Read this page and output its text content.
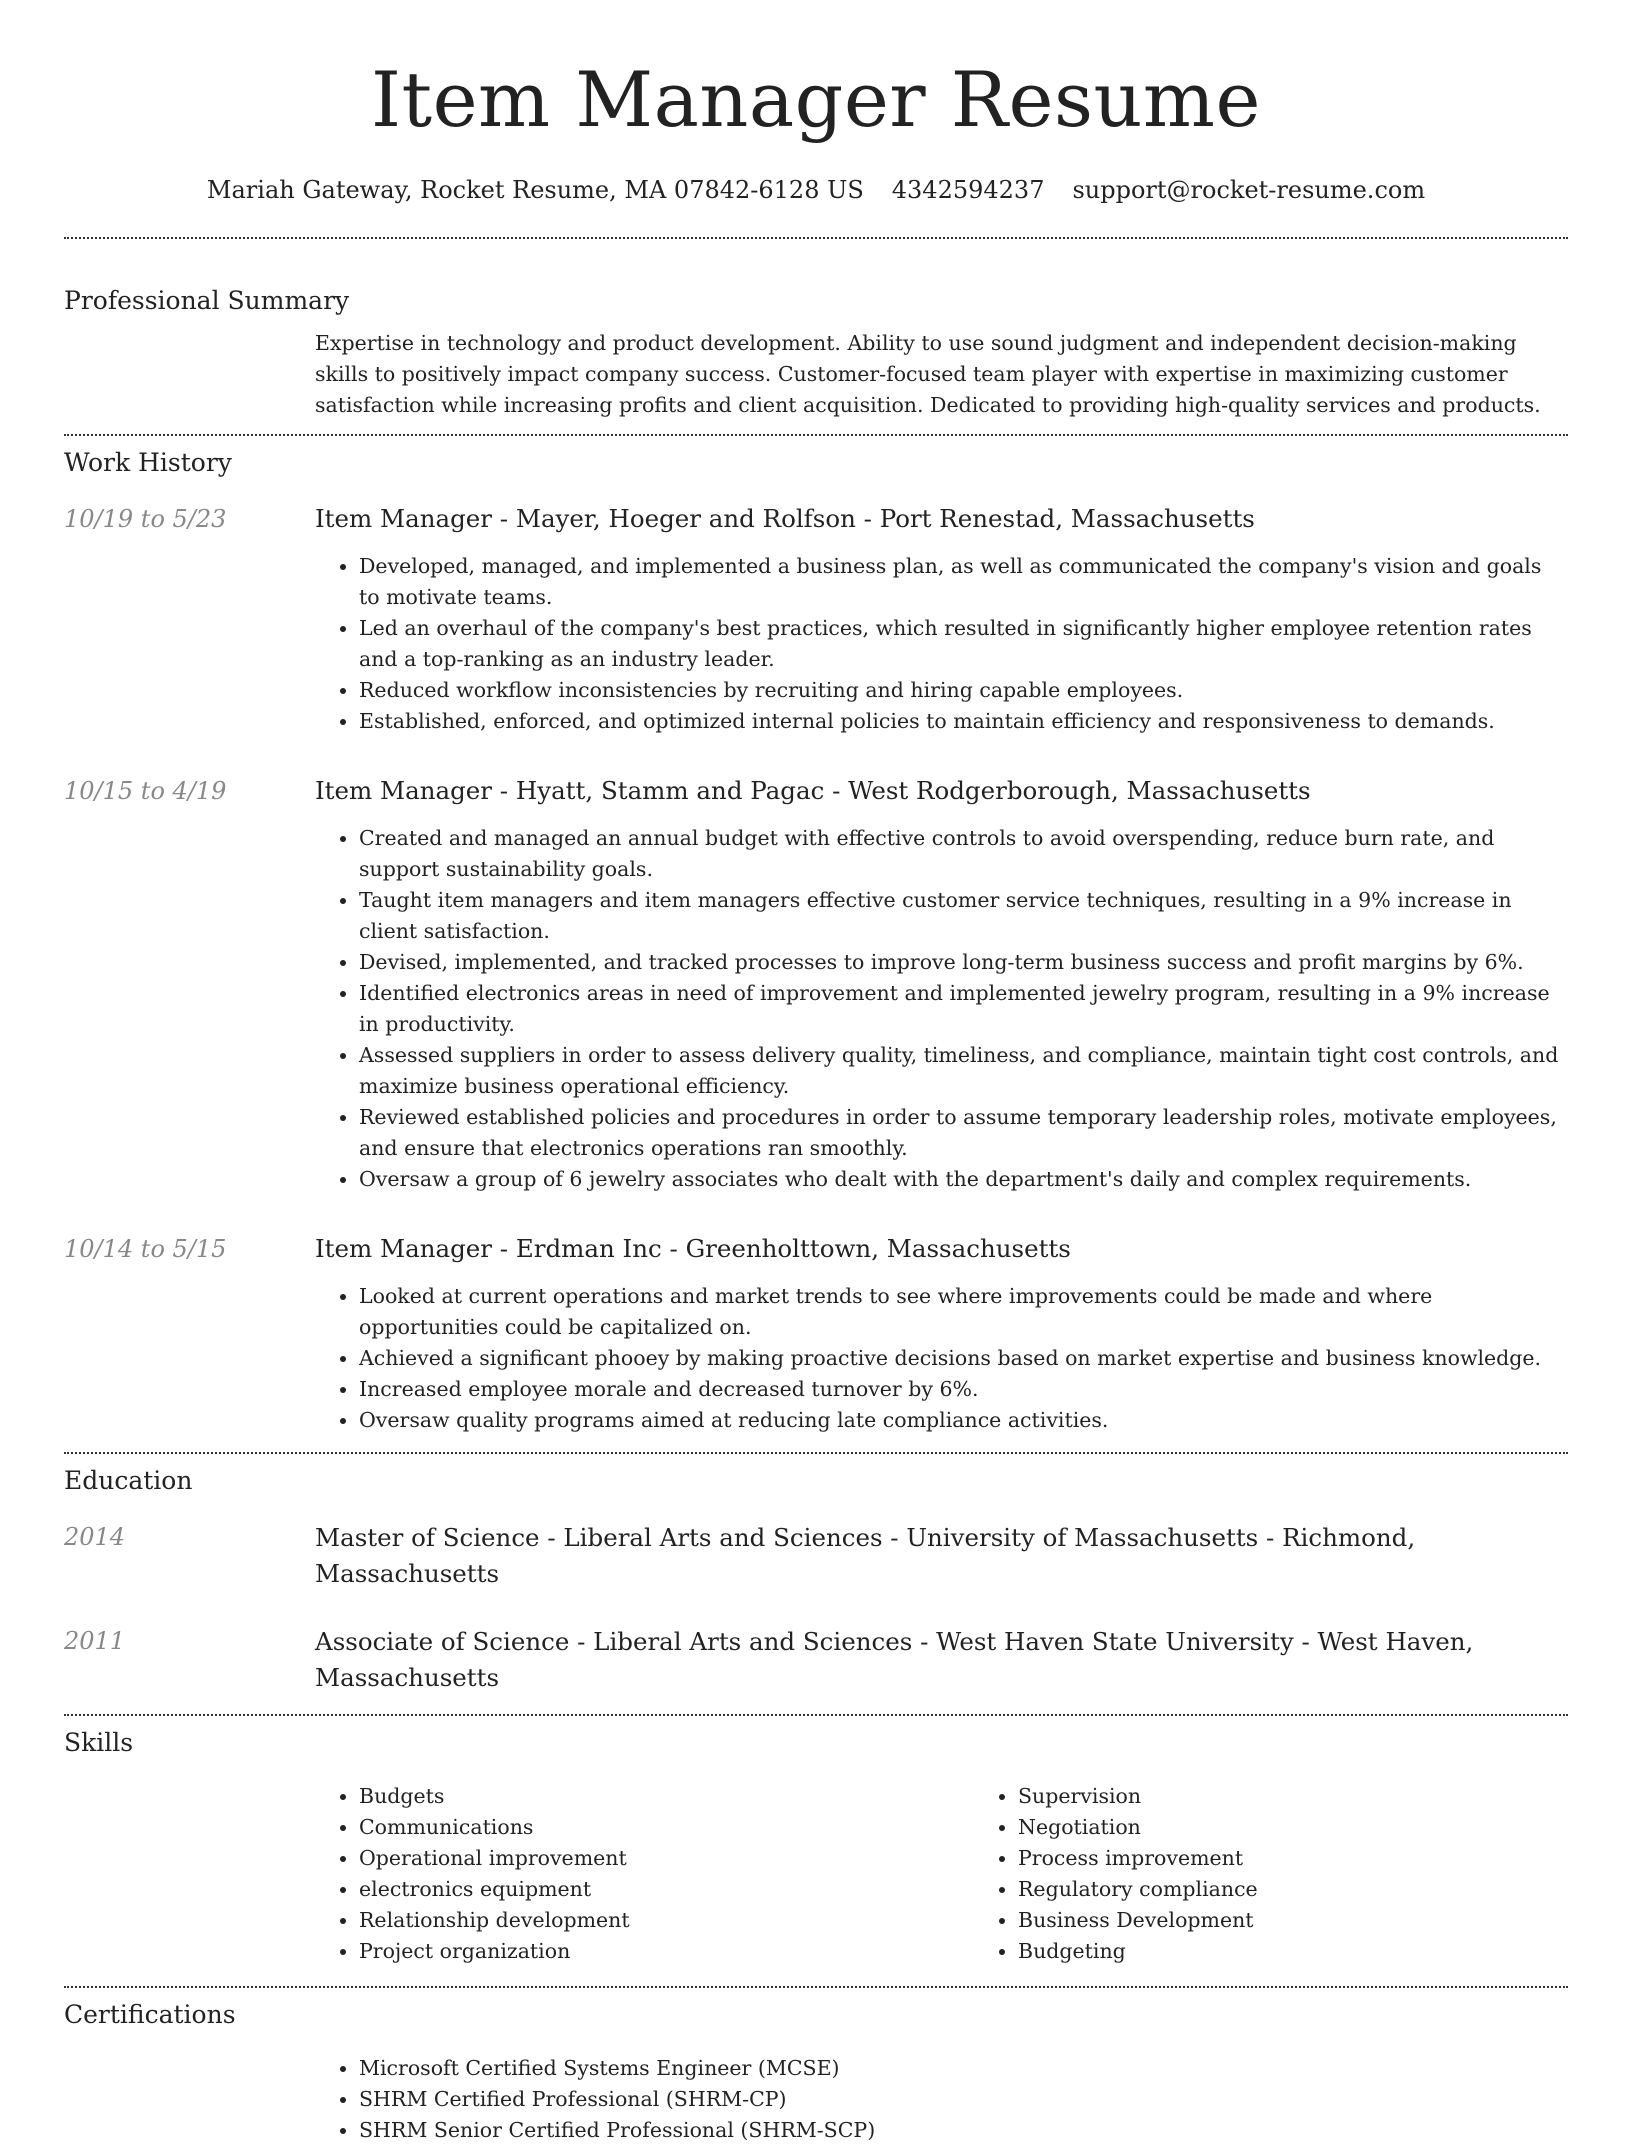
Item Manager Resume
Mariah Gateway, Rocket Resume, MA 07842-6128 US 4342594237 support@rocket-resume.com
Professional Summary

Expertise in technology and product development. Ability to use sound judgment and independent decision-making skills to positively impact company success. Customer-focused team player with expertise in maximizing customer satisfaction while increasing profits and client acquisition. Dedicated to providing high-quality services and products.

Work History
10/19 to 5/23	Item Manager - Mayer, Hoeger and Rolfson - Port Renestad, Massachusetts

• Developed, managed, and implemented a business plan, as well as communicated the company's vision and goals to motivate teams.
• Led an overhaul of the company's best practices, which resulted in significantly higher employee retention rates and a top-ranking as an industry leader.
• Reduced workflow inconsistencies by recruiting and hiring capable employees.
• Established, enforced, and optimized internal policies to maintain efficiency and responsiveness to demands.
10/15 to 4/19	Item Manager - Hyatt, Stamm and Pagac - West Rodgerborough, Massachusetts

• Created and managed an annual budget with effective controls to avoid overspending, reduce burn rate, and support sustainability goals.
• Taught item managers and item managers effective customer service techniques, resulting in a 9% increase in client satisfaction.
• Devised, implemented, and tracked processes to improve long-term business success and profit margins by 6%.
• Identified electronics areas in need of improvement and implemented jewelry program, resulting in a 9% increase in productivity.
• Assessed suppliers in order to assess delivery quality, timeliness, and compliance, maintain tight cost controls, and maximize business operational efficiency.
• Reviewed established policies and procedures in order to assume temporary leadership roles, motivate employees, and ensure that electronics operations ran smoothly.
• Oversaw a group of 6 jewelry associates who dealt with the department's daily and complex requirements.
10/14 to 5/15	Item Manager - Erdman Inc - Greenholttown, Massachusetts

• Looked at current operations and market trends to see where improvements could be made and where opportunities could be capitalized on.
• Achieved a significant phooey by making proactive decisions based on market expertise and business knowledge.
• Increased employee morale and decreased turnover by 6%.
• Oversaw quality programs aimed at reducing late compliance activities.
Education
2014	Master of Science - Liberal Arts and Sciences - University of Massachusetts - Richmond, Massachusetts

2011	Associate of Science - Liberal Arts and Sciences - West Haven State University - West Haven, Massachusetts

Skills
• Budgets
• Communications
• Operational improvement
• electronics equipment
• Relationship development
• Project organization
• Supervision
• Negotiation
• Process improvement
• Regulatory compliance
• Business Development
• Budgeting
Certifications
• Microsoft Certified Systems Engineer (MCSE)
• SHRM Certified Professional (SHRM-CP)
• SHRM Senior Certified Professional (SHRM-SCP)
